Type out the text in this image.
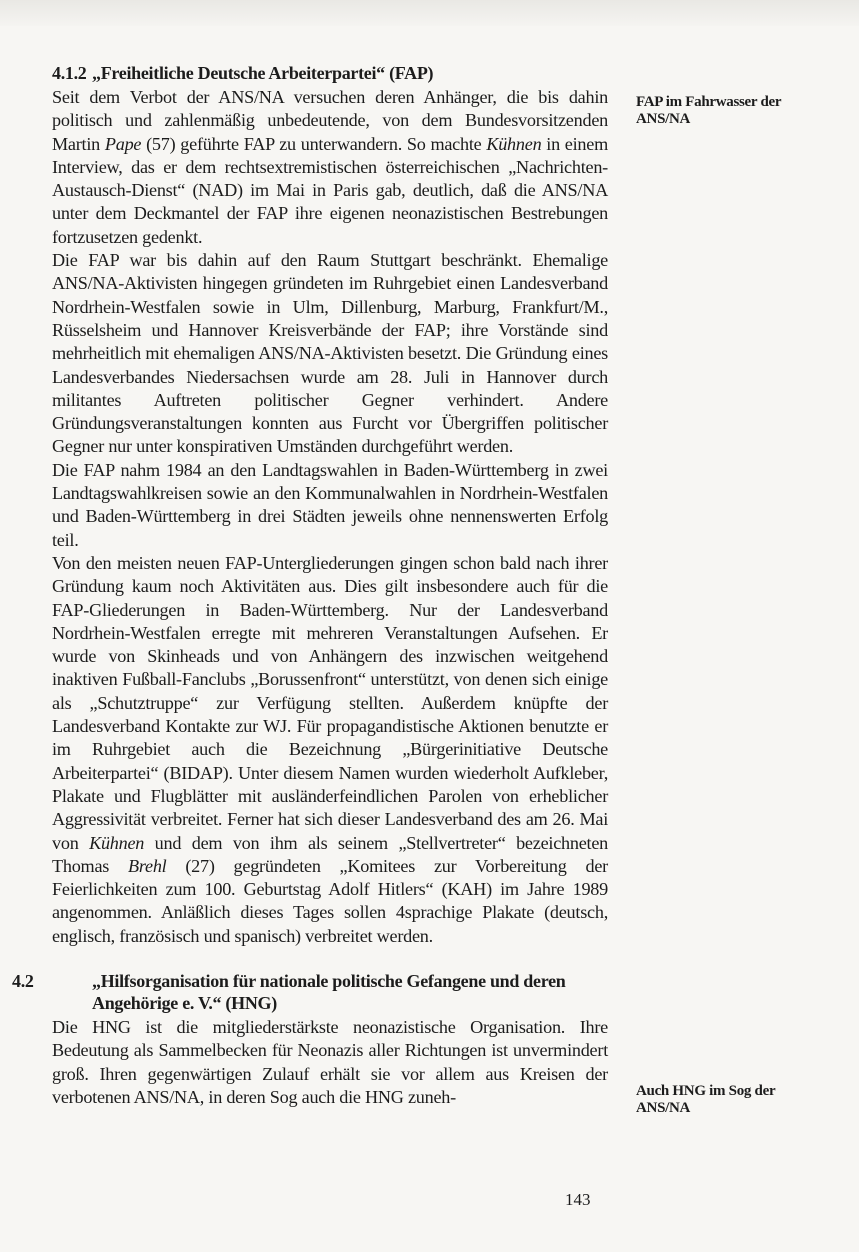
4.1.2 „Freiheitliche Deutsche Arbeiterpartei“ (FAP)

Seit dem Verbot der ANS/NA versuchen deren Anhänger, die bis dahin politisch und zahlenmäßig unbedeutende, von dem Bundesvorsitzenden Martin Pape (57) geführte FAP zu unterwandern. So machte Kühnen in einem Interview, das er dem rechtsextremistischen österreichischen „Nachrichten-Austausch-Dienst“ (NAD) im Mai in Paris gab, deutlich, daß die ANS/NA unter dem Deckmantel der FAP ihre eigenen neonazistischen Bestrebungen fortzusetzen gedenkt.

Die FAP war bis dahin auf den Raum Stuttgart beschränkt. Ehemalige ANS/NA-Aktivisten hingegen gründeten im Ruhrgebiet einen Landesverband Nordrhein-Westfalen sowie in Ulm, Dillenburg, Marburg, Frankfurt/M., Rüsselsheim und Hannover Kreisverbände der FAP; ihre Vorstände sind mehrheitlich mit ehemaligen ANS/NA-Aktivisten besetzt. Die Gründung eines Landesverbandes Niedersachsen wurde am 28. Juli in Hannover durch militantes Auftreten politischer Gegner verhindert. Andere Gründungsveranstaltungen konnten aus Furcht vor Übergriffen politischer Gegner nur unter konspirativen Umständen durchgeführt werden.

Die FAP nahm 1984 an den Landtagswahlen in Baden-Württemberg in zwei Landtagswahlkreisen sowie an den Kommunalwahlen in Nordrhein-Westfalen und Baden-Württemberg in drei Städten jeweils ohne nennenswerten Erfolg teil.

Von den meisten neuen FAP-Untergliederungen gingen schon bald nach ihrer Gründung kaum noch Aktivitäten aus. Dies gilt insbesondere auch für die FAP-Gliederungen in Baden-Württemberg. Nur der Landesverband Nordrhein-Westfalen erregte mit mehreren Veranstaltungen Aufsehen. Er wurde von Skinheads und von Anhängern des inzwischen weitgehend inaktiven Fußball-Fanclubs „Borussenfront“ unterstützt, von denen sich einige als „Schutztruppe“ zur Verfügung stellten. Außerdem knüpfte der Landesverband Kontakte zur WJ. Für propagandistische Aktionen benutzte er im Ruhrgebiet auch die Bezeichnung „Bürgerinitiative Deutsche Arbeiterpartei“ (BIDAP). Unter diesem Namen wurden wiederholt Aufkleber, Plakate und Flugblätter mit ausländerfeindlichen Parolen von erheblicher Aggressivität verbreitet. Ferner hat sich dieser Landesverband des am 26. Mai von Kühnen und dem von ihm als seinem „Stellvertreter“ bezeichneten Thomas Brehl (27) gegründeten „Komitees zur Vorbereitung der Feierlichkeiten zum 100. Geburtstag Adolf Hitlers“ (KAH) im Jahre 1989 angenommen. Anläßlich dieses Tages sollen 4sprachige Plakate (deutsch, englisch, französisch und spanisch) verbreitet werden.

4.2	„Hilfsorganisation für nationale politische Gefangene und deren Angehörige e. V.“ (HNG)

Die HNG ist die mitgliederstärkste neonazistische Organisation. Ihre Bedeutung als Sammelbecken für Neonazis aller Richtungen ist unvermindert groß. Ihren gegenwärtigen Zulauf erhält sie vor allem aus Kreisen der verbotenen ANS/NA, in deren Sog auch die HNG zuneh-

FAP im Fahrwasser der ANS/NA
Auch HNG im Sog der ANS/NA
143
